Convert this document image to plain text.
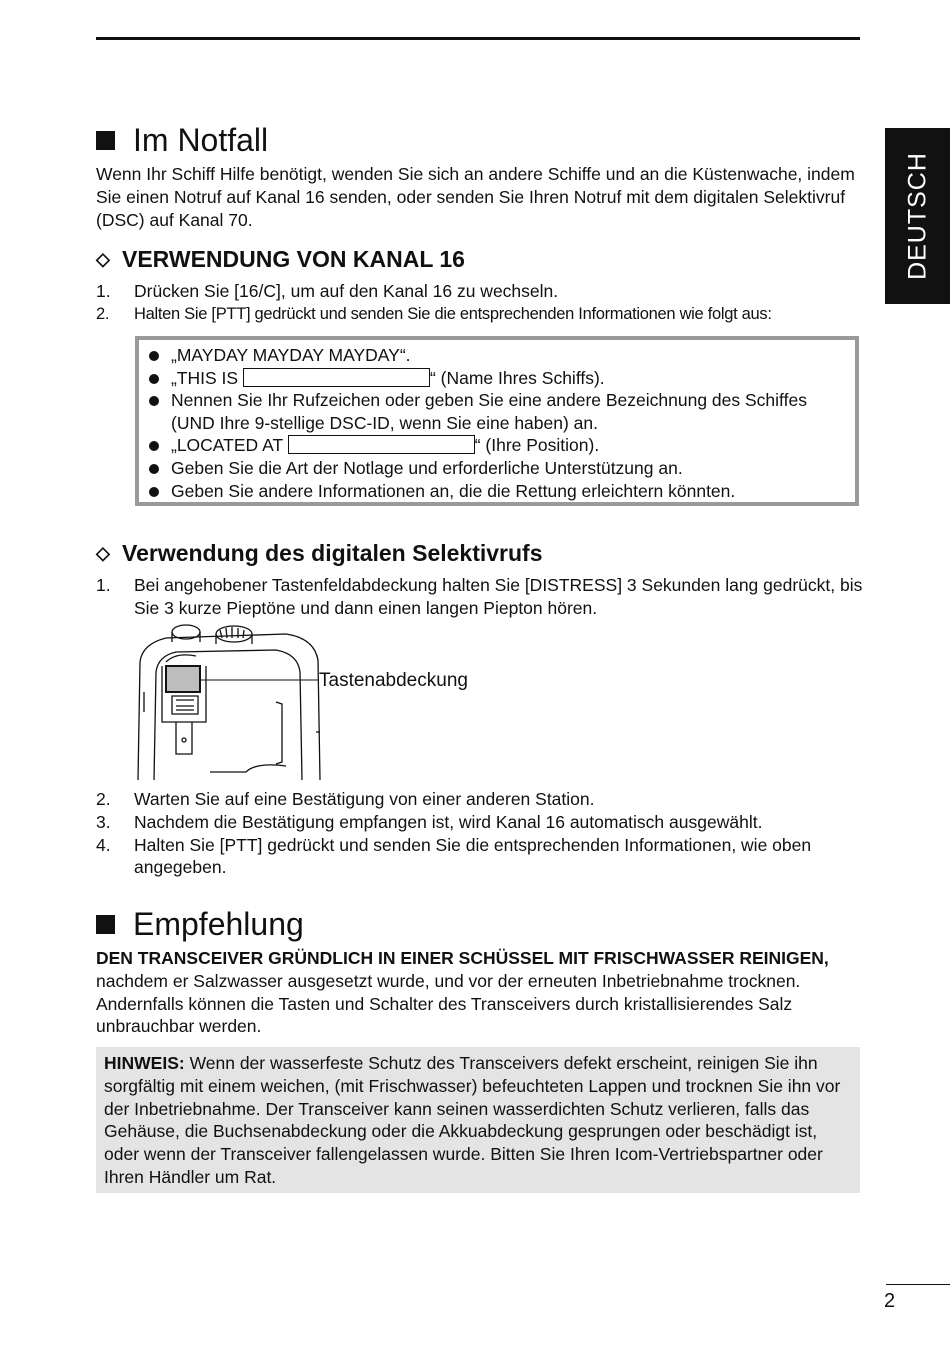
DEUTSCH
Im Notfall
Wenn Ihr Schiff Hilfe benötigt, wenden Sie sich an andere Schiffe und an die Küstenwache, indem Sie einen Notruf auf Kanal 16 senden, oder senden Sie Ihren Notruf mit dem digitalen Selektivruf (DSC) auf Kanal 70.
◇ VERWENDUNG VON KANAL 16
1. Drücken Sie [16/C], um auf den Kanal 16 zu wechseln.
2. Halten Sie [PTT] gedrückt und senden Sie die entsprechenden Informationen wie folgt aus:
„MAYDAY MAYDAY MAYDAY“.
„THIS IS	“ (Name Ihres Schiffs).
Nennen Sie Ihr Rufzeichen oder geben Sie eine andere Bezeichnung des Schiffes (UND Ihre 9-stellige DSC-ID, wenn Sie eine haben) an.
„LOCATED AT	“ (Ihre Position).
Geben Sie die Art der Notlage und erforderliche Unterstützung an.
Geben Sie andere Informationen an, die die Rettung erleichtern könnten.
◇ Verwendung des digitalen Selektivrufs
1. Bei angehobener Tastenfeldabdeckung halten Sie [DISTRESS] 3 Sekunden lang gedrückt, bis Sie 3 kurze Pieptöne und dann einen langen Piepton hören.
Tastenabdeckung
2. Warten Sie auf eine Bestätigung von einer anderen Station.
3. Nachdem die Bestätigung empfangen ist, wird Kanal 16 automatisch ausgewählt.
4. Halten Sie [PTT] gedrückt und senden Sie die entsprechenden Informationen, wie oben angegeben.
Empfehlung
DEN TRANSCEIVER GRÜNDLICH IN EINER SCHÜSSEL MIT FRISCHWASSER REINIGEN, nachdem er Salzwasser ausgesetzt wurde, und vor der erneuten Inbetriebnahme trocknen. Andernfalls können die Tasten und Schalter des Transceivers durch kristallisierendes Salz unbrauchbar werden.
HINWEIS: Wenn der wasserfeste Schutz des Transceivers defekt erscheint, reinigen Sie ihn sorgfältig mit einem weichen, (mit Frischwasser) befeuchteten Lappen und trocknen Sie ihn vor der Inbetriebnahme. Der Transceiver kann seinen wasserdichten Schutz verlieren, falls das Gehäuse, die Buchsenabdeckung oder die Akkuabdeckung gesprungen oder beschädigt ist, oder wenn der Transceiver fallengelassen wurde. Bitten Sie Ihren Icom-Vertriebspartner oder Ihren Händler um Rat.
2
